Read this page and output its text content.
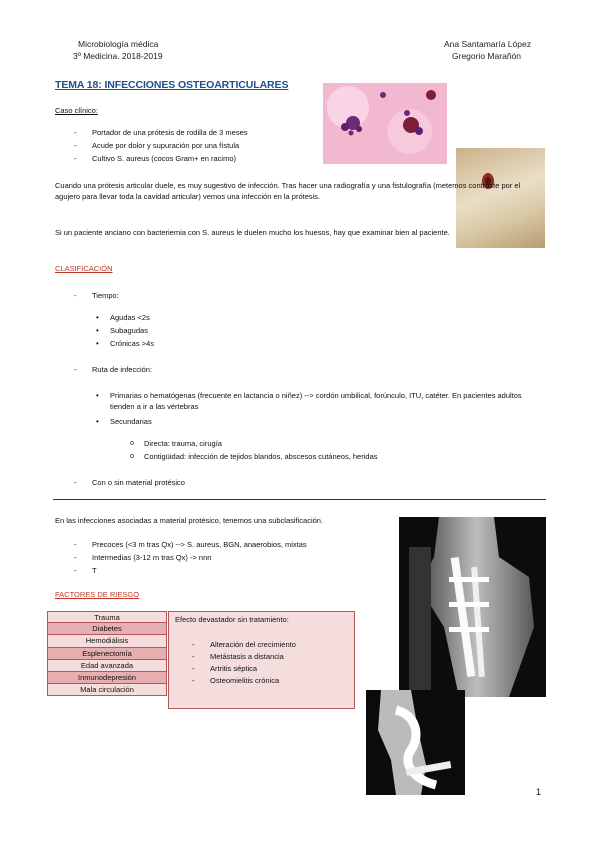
Microbiología médica
3º Medicina. 2018-2019
Ana Santamaría López
Gregorio Marañón
TEMA 18: INFECCIONES OSTEOARTICULARES
Caso clínico:
- Portador de una prótesis de rodilla de 3 meses
- Acude por dolor y supuración por una fístula
- Cultivo S. aureus (cocos Gram+ en racimo)
Cuando una prótesis articular duele, es muy sugestivo de infección. Tras hacer una radiografía y una fistulografía (metemos contraste por el agujero para llevar toda la cavidad articular) vemos una infección en la prótesis.
Si un paciente anciano con bacteriemia con S. aureus le duelen mucho los huesos, hay que examinar bien al paciente.
CLASIFICACIÓN
- Tiempo:
• Agudas <2s
• Subagudas
• Crónicas >4s
- Ruta de infección:
• Primarias o hematógenas (frecuente en lactancia o niñez) --> cordón umbilical, forúnculo, ITU, catéter. En pacientes adultos tienden a ir a las vértebras
• Secundarias
o Directa: trauma, cirugía
o Contigüidad: infección de tejidos blandos, abscesos cutáneos, heridas
- Con o sin material protésico
En las infecciones asociadas a material protésico, tenemos una subclasificación.
- Precoces (<3 m tras Qx) --> S. aureus, BGN, anaerobios, mixtas
- Intermedias (3-12 m tras Qx) -> nnn
- T
FACTORES DE RIESGO
Trauma
Diabetes
Hemodiálisis
Esplenectomía
Edad avanzada
Inmunodepresión
Mala circulación
Efecto devastador sin tratamiento:
- Alteración del crecimiento
- Metástasis a distancia
- Artritis séptica
- Osteomielitis crónica
1
